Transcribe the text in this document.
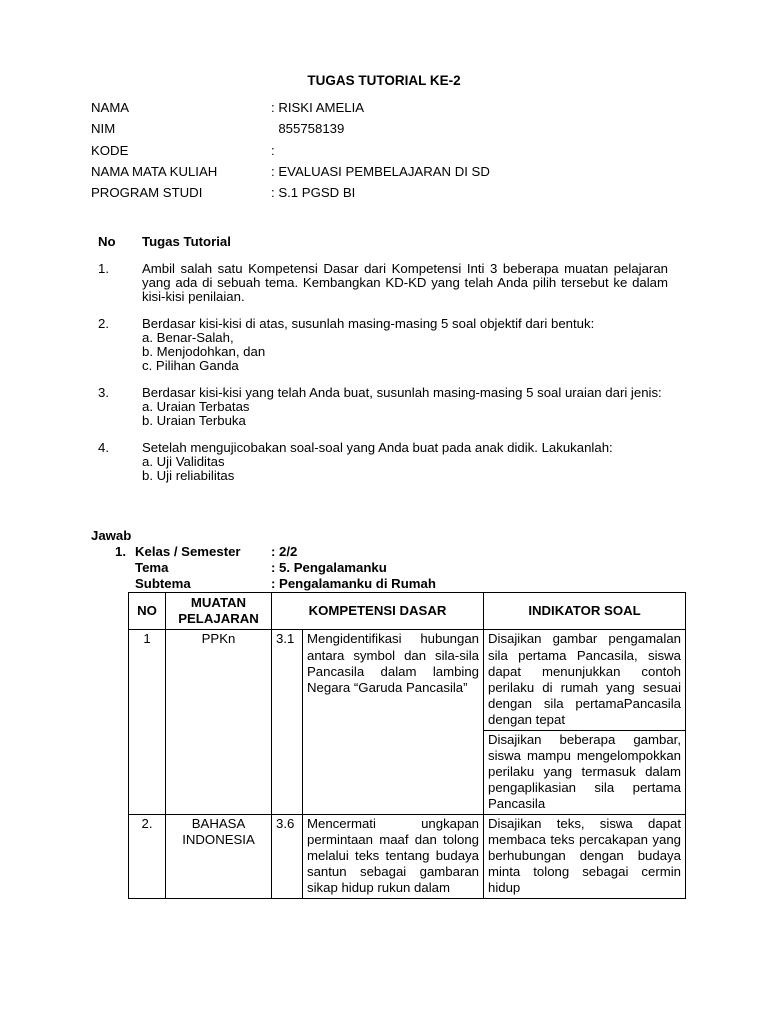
TUGAS TUTORIAL KE-2
NAMA	: RISKI AMELIA
NIM	855758139
KODE	:
NAMA MATA KULIAH	: EVALUASI PEMBELAJARAN DI SD
PROGRAM STUDI	: S.1 PGSD BI
No	Tugas Tutorial
1.	Ambil salah satu Kompetensi Dasar dari Kompetensi Inti 3 beberapa muatan pelajaran yang ada di sebuah tema. Kembangkan KD-KD yang telah Anda pilih tersebut ke dalam kisi-kisi penilaian.
2.	Berdasar kisi-kisi di atas, susunlah masing-masing 5 soal objektif dari bentuk:
a. Benar-Salah,
b. Menjodohkan, dan
c. Pilihan Ganda
3.	Berdasar kisi-kisi yang telah Anda buat, susunlah masing-masing 5 soal uraian dari jenis:
a. Uraian Terbatas
b. Uraian Terbuka
4.	Setelah mengujicobakan soal-soal yang Anda buat pada anak didik. Lakukanlah:
a. Uji Validitas
b. Uji reliabilitas
Jawab
1. Kelas / Semester	: 2/2
Tema	: 5. Pengalamanku
Subtema	: Pengalamanku di Rumah
NO	MUATAN PELAJARAN	KOMPETENSI DASAR		INDIKATOR SOAL
1	PPKn	3.1	Mengidentifikasi hubungan antara symbol dan sila-sila Pancasila dalam lambing Negara “Garuda Pancasila”	Disajikan gambar pengamalan sila pertama Pancasila, siswa dapat menunjukkan contoh perilaku di rumah yang sesuai dengan sila pertamaPancasila dengan tepat
				Disajikan beberapa gambar, siswa mampu mengelompokkan perilaku yang termasuk dalam pengaplikasian sila pertama Pancasila
2.	BAHASA INDONESIA	3.6	Mencermati ungkapan permintaan maaf dan tolong melalui teks tentang budaya santun sebagai gambaran sikap hidup rukun dalam	Disajikan teks, siswa dapat membaca teks percakapan yang berhubungan dengan budaya minta tolong sebagai cermin hidup
